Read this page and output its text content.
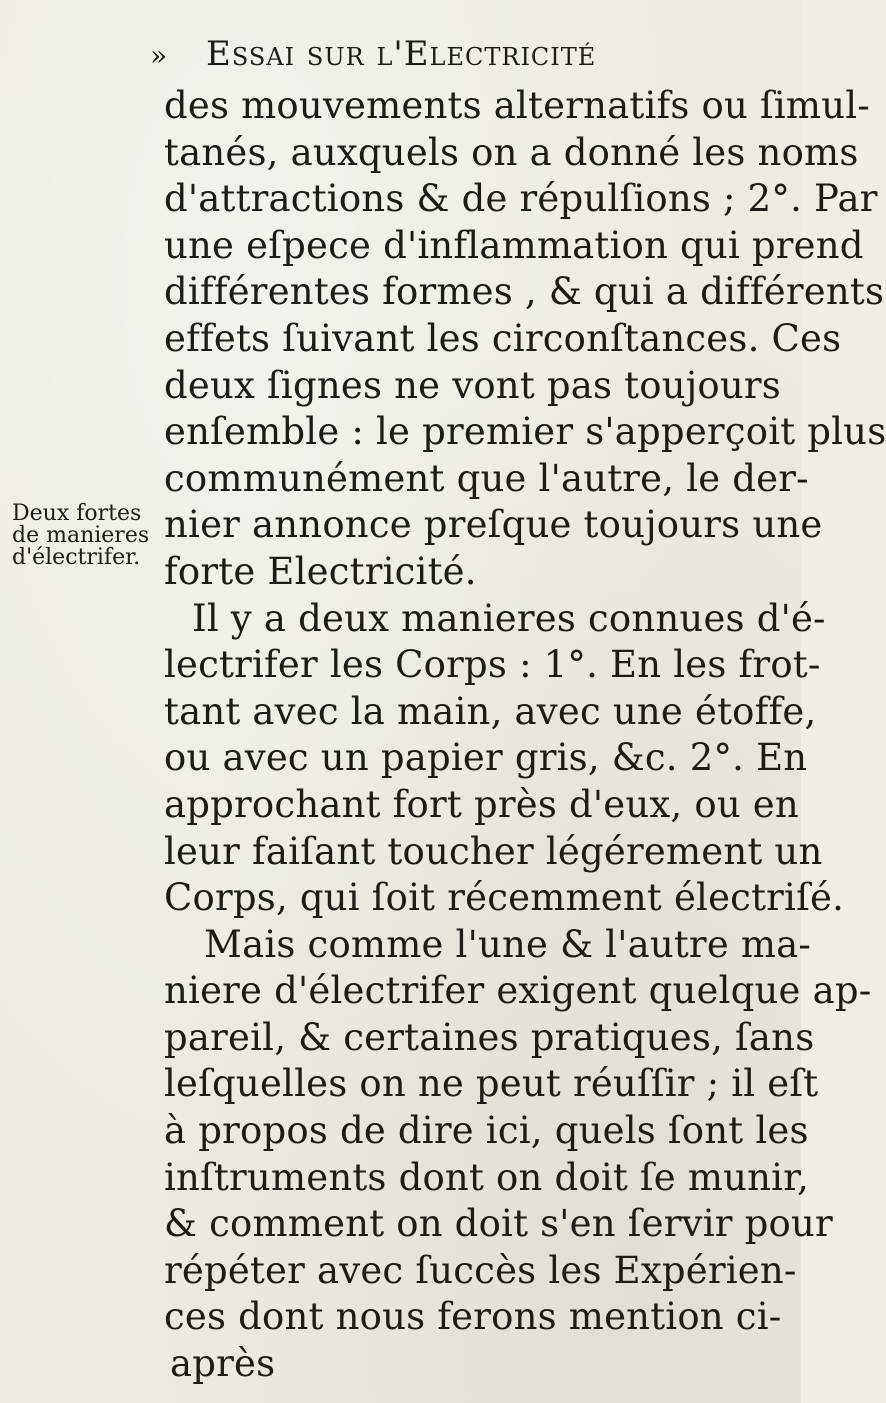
» Essai sur l'Electricité
Deux fortes
de manieres
d'électrifer.
des mouvements alternatifs ou ſimul-
tanés, auxquels on a donné les noms
d'attractions & de répulſions ; 2°. Par
une eſpece d'inflammation qui prend
différentes formes , & qui a différents
effets ſuivant les circonſtances. Ces
deux ſignes ne vont pas toujours
enſemble : le premier s'apperçoit plus
communément que l'autre, le der-
nier annonce preſque toujours une
forte Electricité.
Il y a deux manieres connues d'é-
lectrifer les Corps : 1°. En les frot-
tant avec la main, avec une étoffe,
ou avec un papier gris, &c. 2°. En
approchant fort près d'eux, ou en
leur faiſant toucher légérement un
Corps, qui ſoit récemment électriſé.
Mais comme l'une & l'autre ma-
niere d'électrifer exigent quelque ap-
pareil, & certaines pratiques, ſans
leſquelles on ne peut réuſſir ; il eſt
à propos de dire ici, quels ſont les
inſtruments dont on doit ſe munir,
& comment on doit s'en ſervir pour
répéter avec ſuccès les Expérien-
ces dont nous ferons mention ci-
après
